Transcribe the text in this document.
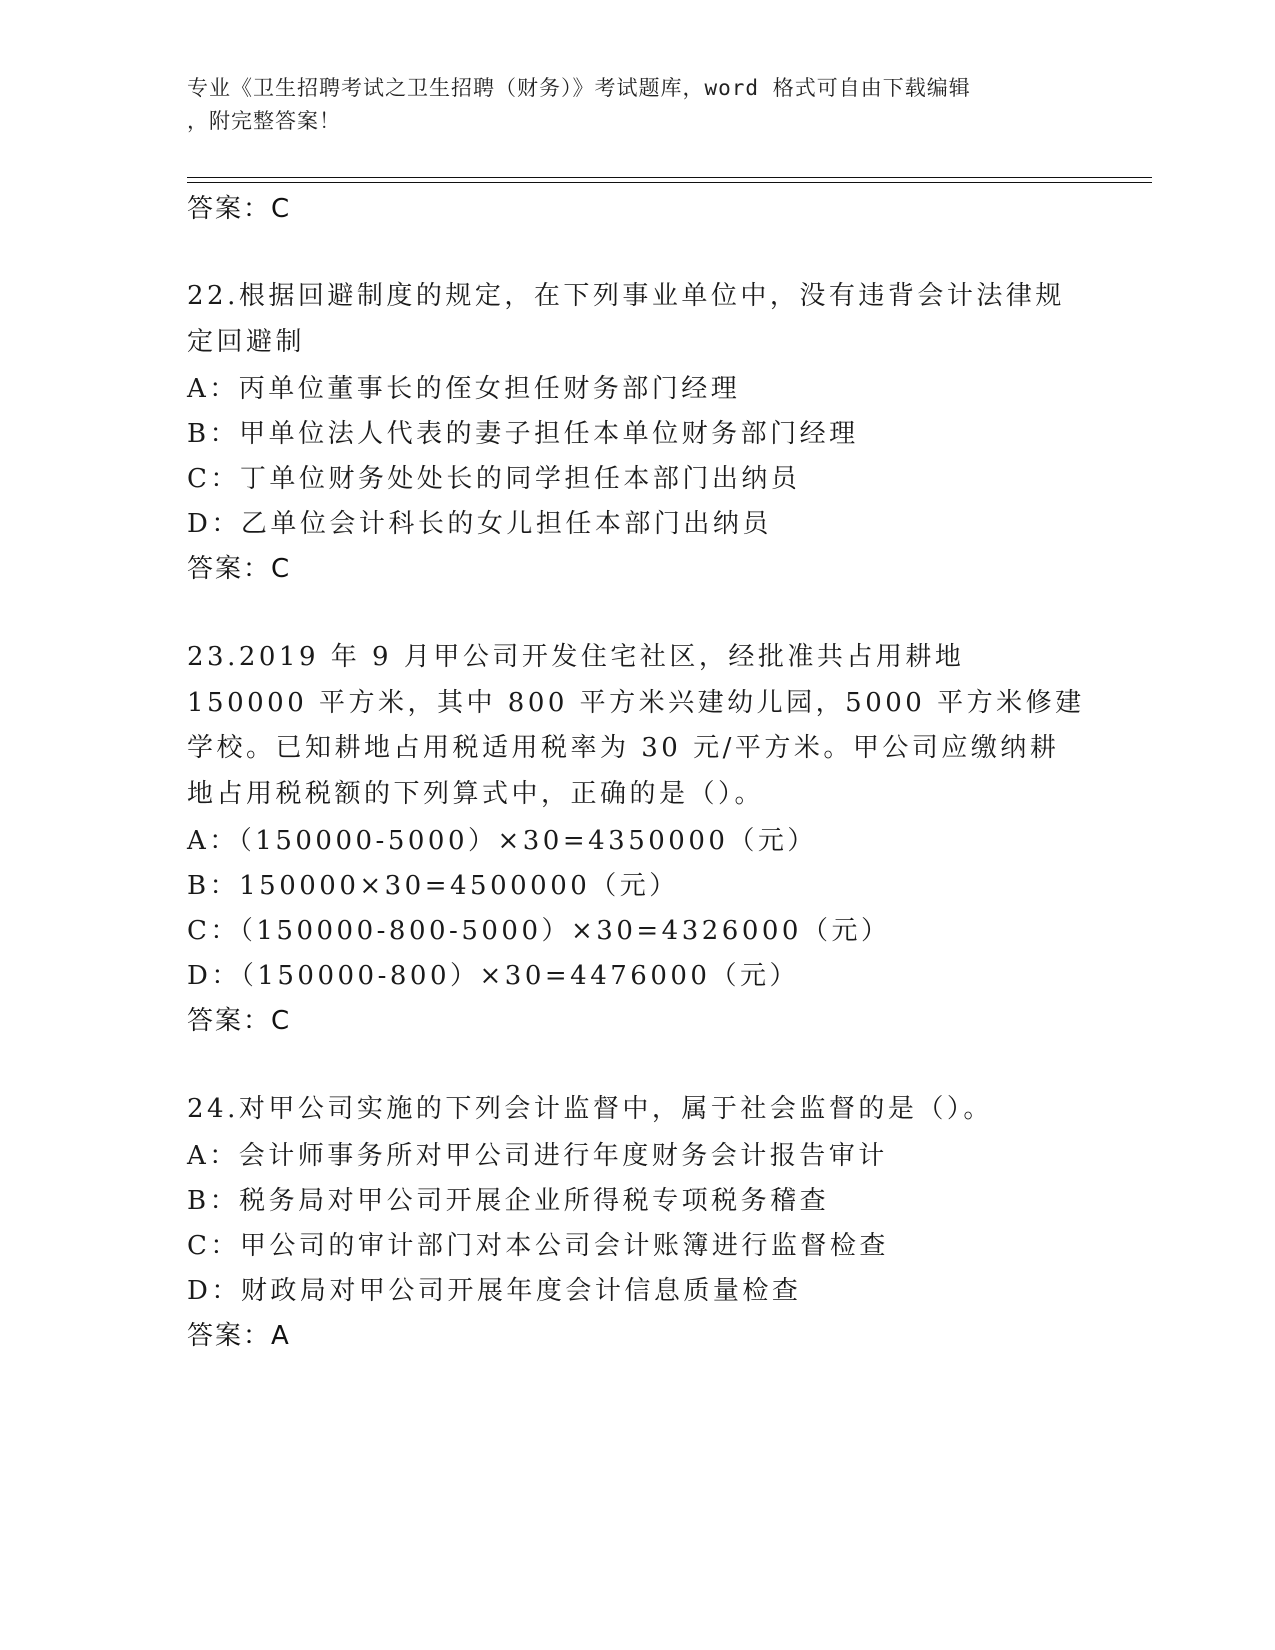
专业《卫生招聘考试之卫生招聘（财务）》考试题库，word 格式可自由下载编辑
，附完整答案！
答案：C
22.根据回避制度的规定，在下列事业单位中，没有违背会计法律规定回避制
A：丙单位董事长的侄女担任财务部门经理
B：甲单位法人代表的妻子担任本单位财务部门经理
C：丁单位财务处处长的同学担任本部门出纳员
D：乙单位会计科长的女儿担任本部门出纳员
答案：C
23.2019 年 9 月甲公司开发住宅社区，经批准共占用耕地 150000 平方米，其中 800 平方米兴建幼儿园，5000 平方米修建学校。已知耕地占用税适用税率为 30 元/平方米。甲公司应缴纳耕地占用税税额的下列算式中，正确的是（）。
A：（150000-5000）×30=4350000（元）
B：150000×30=4500000（元）
C：（150000-800-5000）×30=4326000（元）
D：（150000-800）×30=4476000（元）
答案：C
24.对甲公司实施的下列会计监督中，属于社会监督的是（）。
A：会计师事务所对甲公司进行年度财务会计报告审计
B：税务局对甲公司开展企业所得税专项税务稽查
C：甲公司的审计部门对本公司会计账簿进行监督检查
D：财政局对甲公司开展年度会计信息质量检查
答案：A
